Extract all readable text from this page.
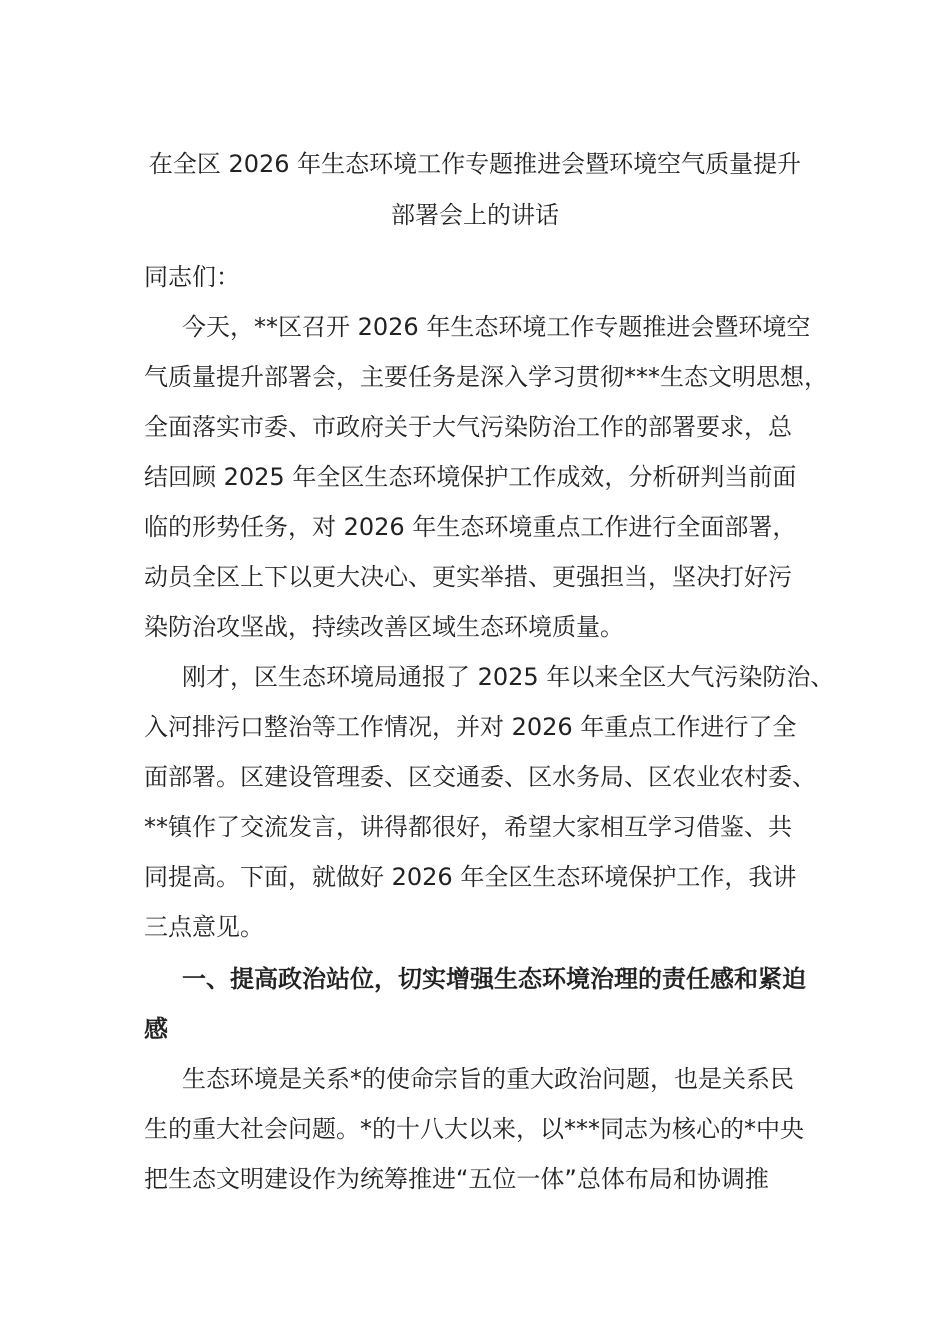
在全区 2026 年生态环境工作专题推进会暨环境空气质量提升
部署会上的讲话
同志们：
今天，**区召开 2026 年生态环境工作专题推进会暨环境空
气质量提升部署会，主要任务是深入学习贯彻***生态文明思想，
全面落实市委、市政府关于大气污染防治工作的部署要求，总
结回顾 2025 年全区生态环境保护工作成效，分析研判当前面
临的形势任务，对 2026 年生态环境重点工作进行全面部署，
动员全区上下以更大决心、更实举措、更强担当，坚决打好污
染防治攻坚战，持续改善区域生态环境质量。
刚才，区生态环境局通报了 2025 年以来全区大气污染防治、
入河排污口整治等工作情况，并对 2026 年重点工作进行了全
面部署。区建设管理委、区交通委、区水务局、区农业农村委、
**镇作了交流发言，讲得都很好，希望大家相互学习借鉴、共
同提高。下面，就做好 2026 年全区生态环境保护工作，我讲
三点意见。
一、提高政治站位，切实增强生态环境治理的责任感和紧迫
感
生态环境是关系*的使命宗旨的重大政治问题，也是关系民
生的重大社会问题。*的十八大以来，以***同志为核心的*中央
把生态文明建设作为统筹推进“五位一体”总体布局和协调推
